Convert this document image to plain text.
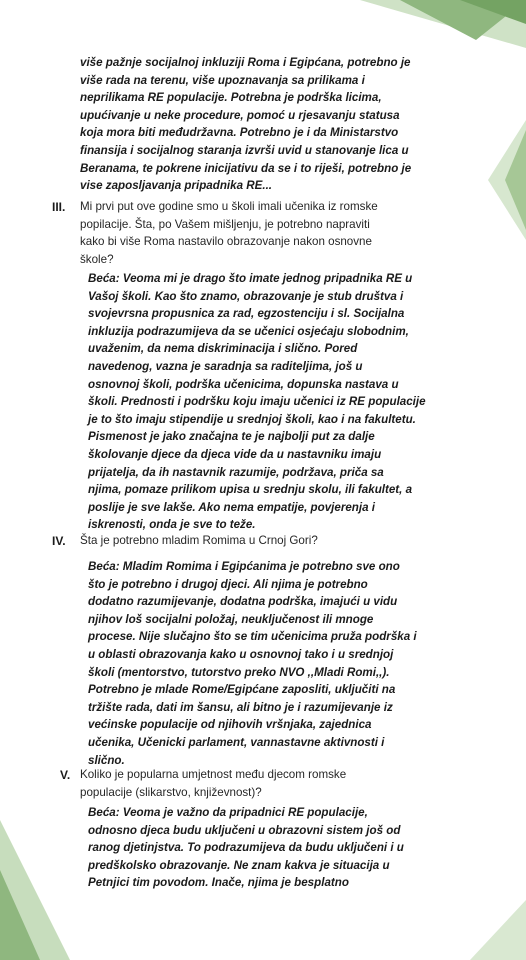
više pažnje socijalnoj inkluziji Roma i Egipćana, potrebno je
više rada na terenu, više upoznavanja sa prilikama i
neprilikama RE populacije. Potrebna je podrška licima,
upućivanje u neke procedure, pomoć u rjesavanju statusa
koja mora biti međudržavna. Potrebno je i da Ministarstvo
finansija i socijalnog staranja izvrši uvid u stanovanje lica u
Beranama, te pokrene inicijativu da se i to riješi, potrebno je
vise zaposljavanja pripadnika RE...
III. Mi prvi put ove godine smo u školi imali učenika iz romske
popilacije. Šta, po Vašem mišljenju, je potrebno napraviti
kako bi više Roma nastavilo obrazovanje nakon osnovne
škole?
Beća: Veoma mi je drago što imate jednog pripadnika RE u
Vašoj školi. Kao što znamo, obrazovanje je stub društva i
svojevrsna propusnica za rad, egzostenciju i sl. Socijalna
inkluzija podrazumijeva da se učenici osjećaju slobodnim,
uvaženim, da nema diskriminacija i slično. Pored
navedenog, vazna je saradnja sa raditeljima, još u
osnovnoj školi, podrška učenicima, dopunska nastava u
školi. Prednosti i podršku koju imaju učenici iz RE populacije
je to što imaju stipendije u srednjoj školi, kao i na fakultetu.
Pismenost je jako značajna te je najbolji put za dalje
školovanje djece da djeca vide da u nastavniku imaju
prijatelja, da ih nastavnik razumije, podržava, priča sa
njima, pomaze prilikom upisa u srednju skolu, ili fakultet, a
poslije je sve lakše. Ako nema empatije, povjerenja i
iskrenosti, onda je sve to teže.
IV. Šta je potrebno mladim Romima u Crnoj Gori?
Beća: Mladim Romima i Egipćanima je potrebno sve ono
što je potrebno i drugoj djeci. Ali njima je potrebno
dodatno razumijevanje, dodatna podrška, imajući u vidu
njihov loš socijalni položaj, neuključenost ili mnoge
procese. Nije slučajno što se tim učenicima pruža podrška i
u oblasti obrazovanja kako u osnovnoj tako i u srednjoj
školi (mentorstvo, tutorstvo preko NVO ,,Mladi Romi,,).
Potrebno je mlade Rome/Egipćane zaposliti, uključiti na
tržište rada, dati im šansu, ali bitno je i razumijevanje iz
većinske populacije od njihovih vršnjaka, zajednica
učenika, Učenicki parlament, vannastavne aktivnosti i
slično.
V. Koliko je popularna umjetnost među djecom romske
populacije (slikarstvo, književnost)?
Beća: Veoma je važno da pripadnici RE populacije,
odnosno djeca budu uključeni u obrazovni sistem još od
ranog djetinjstva. To podrazumijeva da budu uključeni i u
predškolsko obrazovanje. Ne znam kakva je situacija u
Petnjici tim povodom. Inače, njima je besplatno
